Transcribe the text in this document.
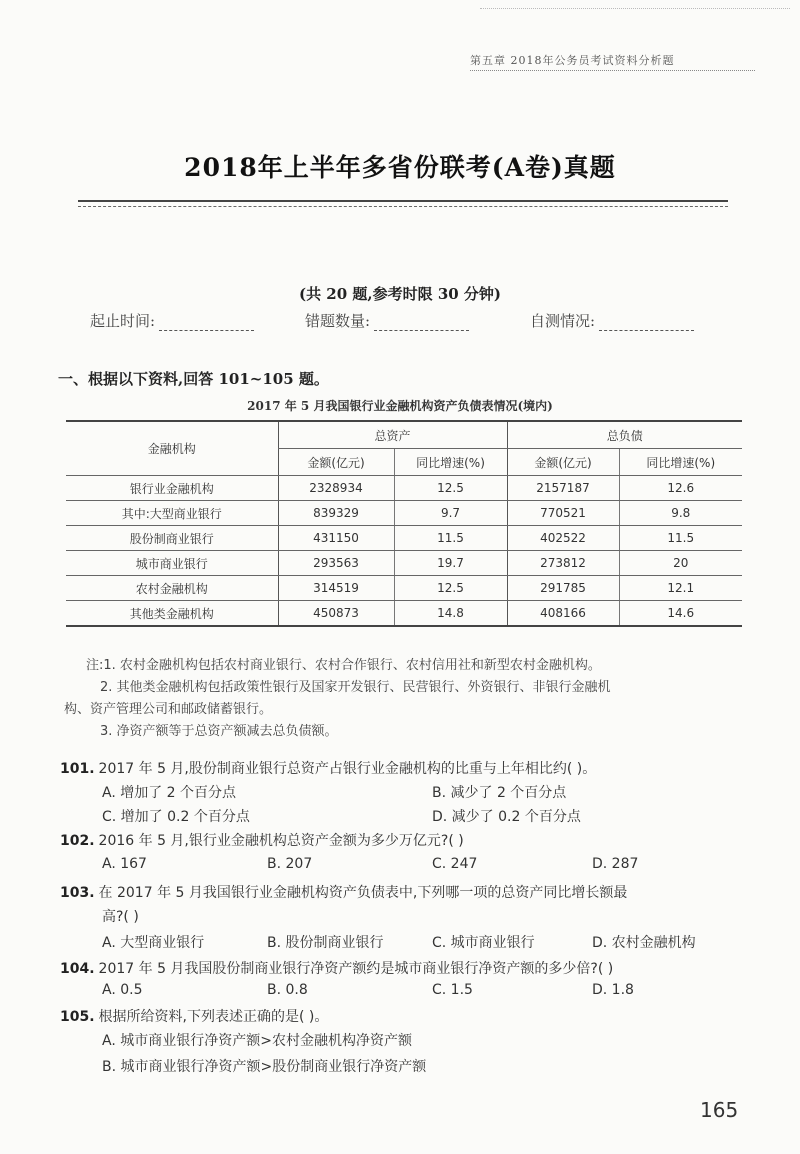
第五章 2018年公务员考试资料分析题
2018年上半年多省份联考(A卷)真题
(共 20 题,参考时限 30 分钟)
起止时间:	错题数量:	自测情况:
一、根据以下资料,回答 101~105 题。
2017 年 5 月我国银行业金融机构资产负债表情况(境内)
金融机构	总资产		总负债	
	金额(亿元)	同比增速(%)	金额(亿元)	同比增速(%)
银行业金融机构	2328934	12.5	2157187	12.6
其中:大型商业银行	839329	9.7	770521	9.8
股份制商业银行	431150	11.5	402522	11.5
城市商业银行	293563	19.7	273812	20
农村金融机构	314519	12.5	291785	12.1
其他类金融机构	450873	14.8	408166	14.6
注:1. 农村金融机构包括农村商业银行、农村合作银行、农村信用社和新型农村金融机构。
2. 其他类金融机构包括政策性银行及国家开发银行、民营银行、外资银行、非银行金融机
构、资产管理公司和邮政储蓄银行。
3. 净资产额等于总资产额减去总负债额。
101. 2017 年 5 月,股份制商业银行总资产占银行业金融机构的比重与上年相比约( )。
A. 增加了 2 个百分点	B. 减少了 2 个百分点
C. 增加了 0.2 个百分点	D. 减少了 0.2 个百分点
102. 2016 年 5 月,银行业金融机构总资产金额为多少万亿元?( )
A. 167	B. 207	C. 247	D. 287
103. 在 2017 年 5 月我国银行业金融机构资产负债表中,下列哪一项的总资产同比增长额最
高?( )
A. 大型商业银行	B. 股份制商业银行	C. 城市商业银行	D. 农村金融机构
104. 2017 年 5 月我国股份制商业银行净资产额约是城市商业银行净资产额的多少倍?( )
A. 0.5	B. 0.8	C. 1.5	D. 1.8
105. 根据所给资料,下列表述正确的是( )。
A. 城市商业银行净资产额>农村金融机构净资产额
B. 城市商业银行净资产额>股份制商业银行净资产额
165
